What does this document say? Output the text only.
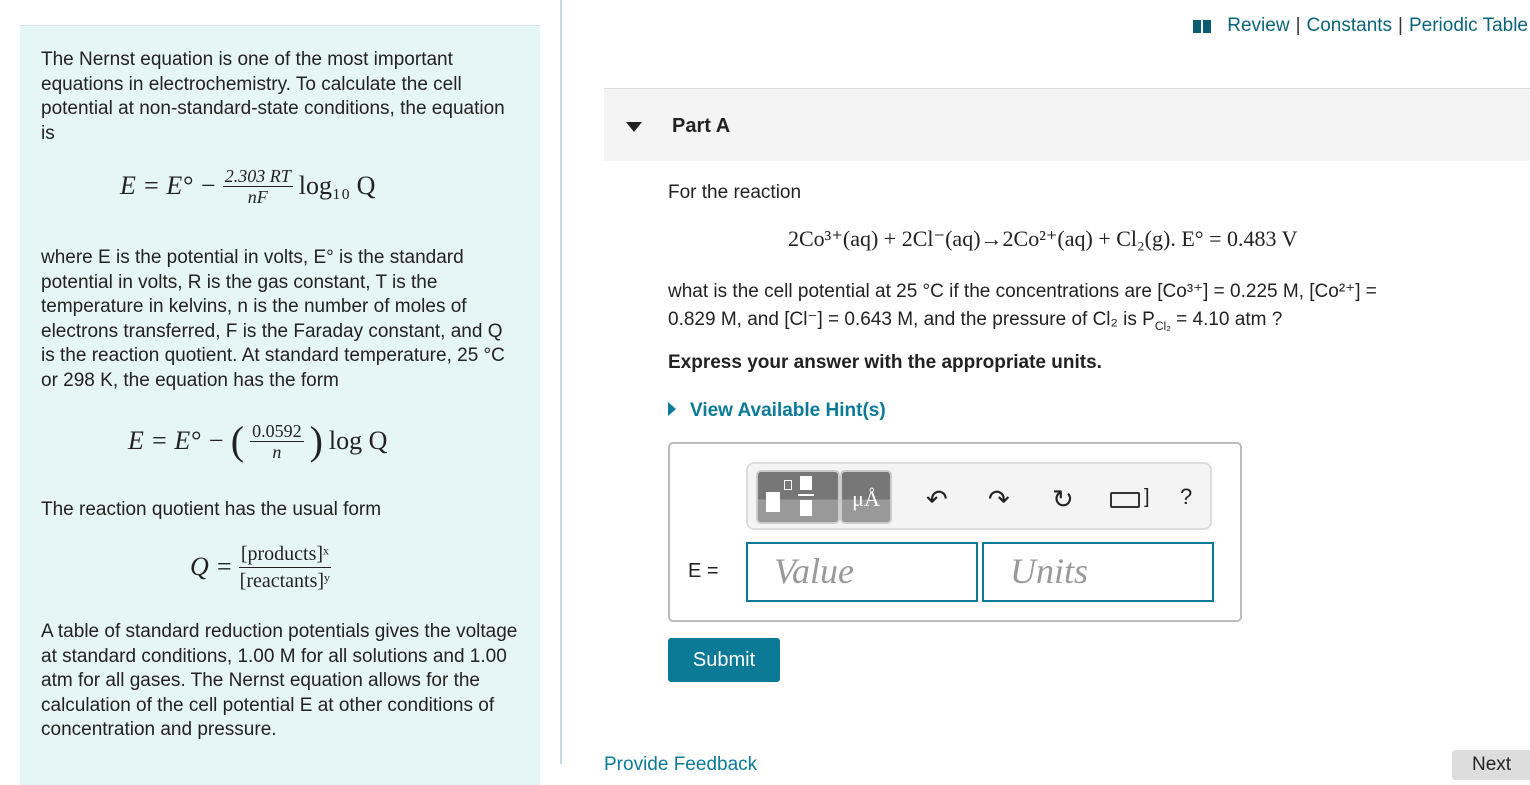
The Nernst equation is one of the most important equations in electrochemistry. To calculate the cell potential at non-standard-state conditions, the equation is

$E = E^\circ - \frac{2.303 RT}{nF} \log_{10}$ Q

where E is the potential in volts, E° is the standard potential in volts, R is the gas constant, T is the temperature in kelvins, n is the number of moles of electrons transferred, F is the Faraday constant, and Q is the reaction quotient. At standard temperature, 25 °C or 298 K, the equation has the form

E = E° − ( $\frac{0.0592}{n}$ ) log Q

The reaction quotient has the usual form

$Q = \frac{\text{[products]ˣ}}{\text{[reactants]ʸ}}$

A table of standard reduction potentials gives the voltage at standard conditions, 1.00 M for all solutions and 1.00 atm for all gases. The Nernst equation allows for the calculation of the cell potential E at other conditions of concentration and pressure.

Review | Constants | Periodic Table
Part A
For the reaction
2Co³⁺(aq) + 2Cl⁻(aq)→2Co²⁺(aq) + Cl₂(g). E° = 0.483 V
what is the cell potential at 25 °C if the concentrations are [Co³⁺] = 0.225 M, [Co²⁺] =
0.829 M, and [Cl⁻] = 0.643 M, and the pressure of Cl₂ is $P_{Cl_2} = 4.10$ atm ?
Express your answer with the appropriate units.
View Available Hint(s)
μÅ	↶ ↷ ↻	] ?
E =	Value	Units
Submit
Provide Feedback	Next
